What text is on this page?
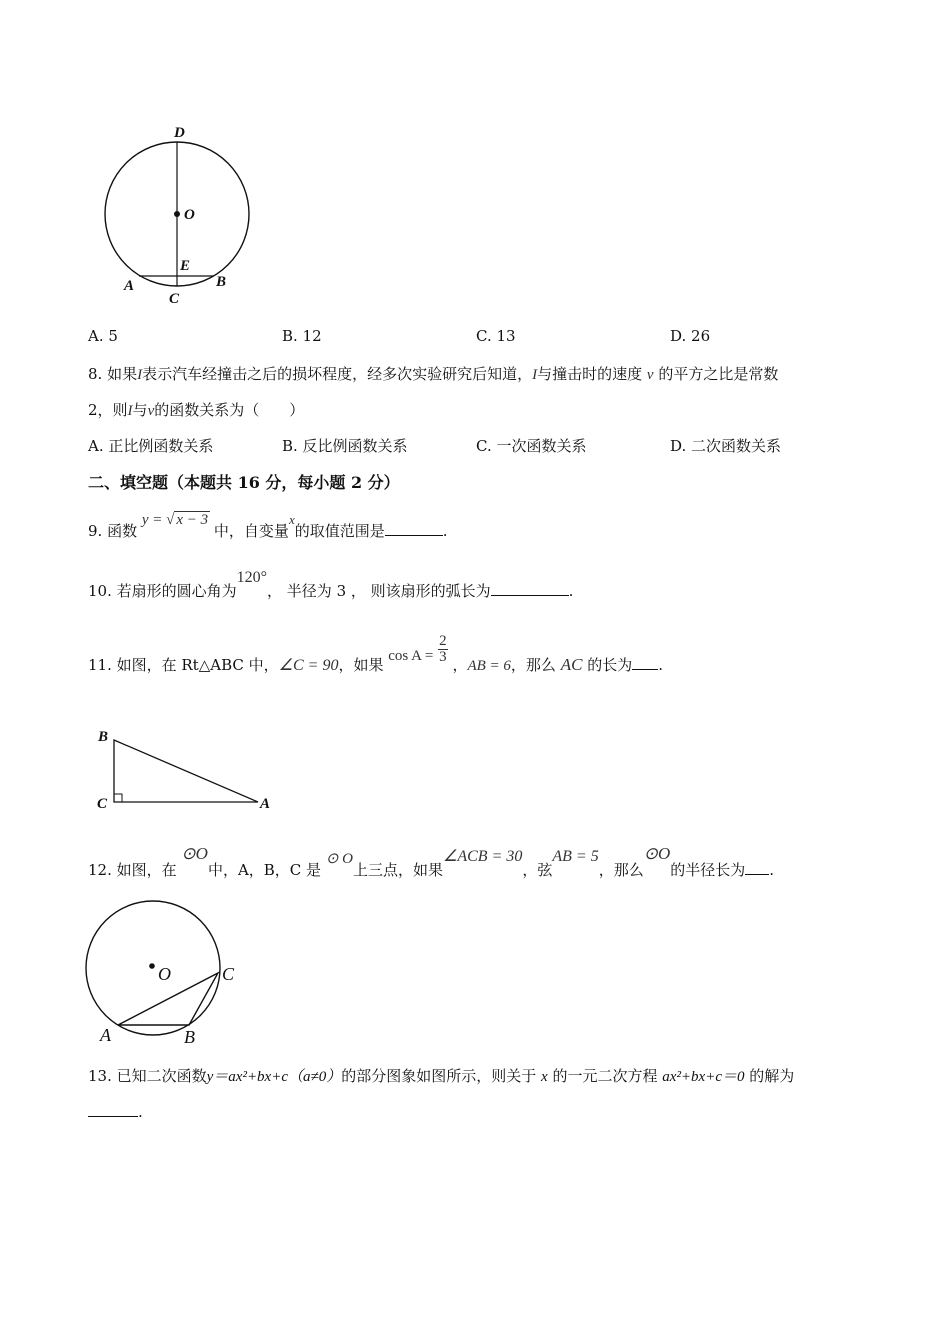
D
O
E
A	B
C
A. 5	B. 12	C. 13	D. 26
8. 如果I表示汽车经撞击之后的损坏程度，经多次实验研究后知道，I与撞击时的速度 v 的平方之比是常数
2，则I与v的函数关系为（　　）
A. 正比例函数关系	B. 反比例函数关系	C. 一次函数关系	D. 二次函数关系
二、填空题（本题共 16 分，每小题 2 分）
9. 函数 y = √ x − 3 中，自变量x的取值范围是	.
10. 若扇形的圆心角为120°， 半径为 3 ， 则该扇形的弧长为	.
11. 如图，在 Rt△ABC 中，∠C = 90，如果 $\cos A = \frac{2}{3}$ ，AB = 6，那么 AC 的长为 .
B
C	A
12. 如图，在 ⊙O中，A，B，C 是 ⊙ O上三点，如果∠ACB = 30，弦AB = 5，那么⊙O的半径长为 .
O	C
A	B
13. 已知二次函数y＝ax²+bx+c（a≠0）的部分图象如图所示，则关于 x 的一元二次方程 ax²+bx+c＝0 的解为
.
